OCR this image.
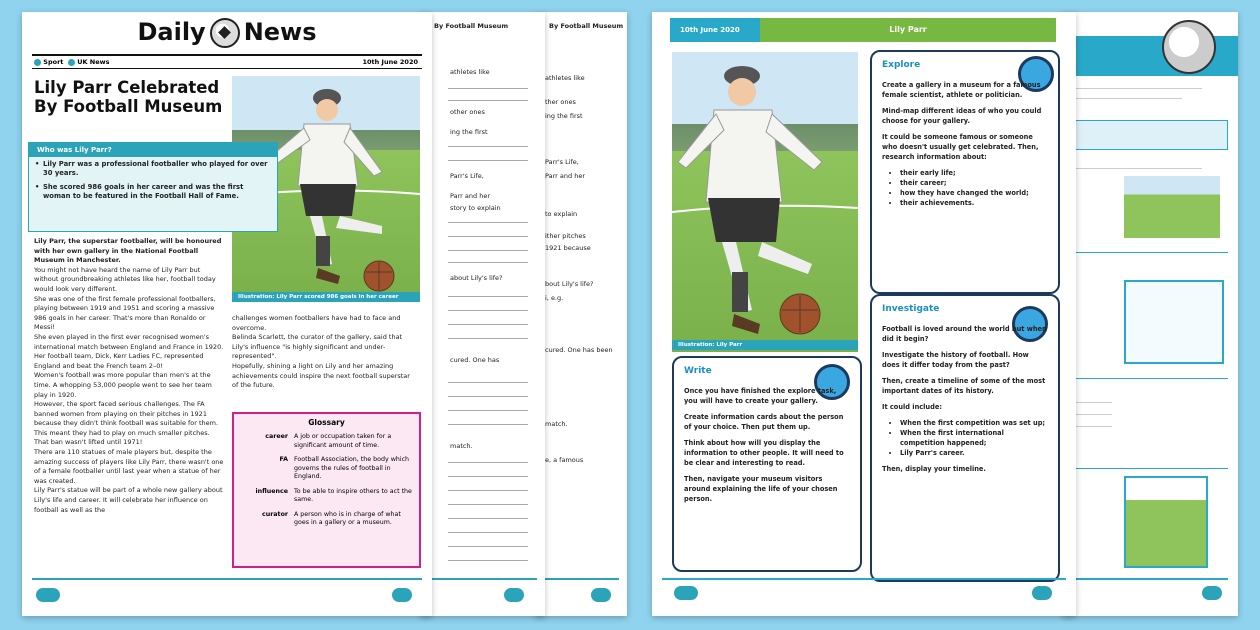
Daily News
Sport UK News	10th June 2020
Lily Parr Celebrated By Football Museum
Illustration: Lily Parr scored 986 goals in her career
Who was Lily Parr?
• Lily Parr was a professional footballer who played for over 30 years.
• She scored 986 goals in her career and was the first woman to be featured in the Football Hall of Fame.
Lily Parr, the superstar footballer, will be honoured with her own gallery in the National Football Museum in Manchester.
You might not have heard the name of Lily Parr but without groundbreaking athletes like her, football today would look very different.
She was one of the first female professional footballers, playing between 1919 and 1951 and scoring a massive 986 goals in her career. That's more than Ronaldo or Messi!
She even played in the first ever recognised women's international match between England and France in 1920. Her football team, Dick, Kerr Ladies FC, represented England and beat the French team 2–0!
Women's football was more popular than men's at the time. A whopping 53,000 people went to see her team play in 1920.
However, the sport faced serious challenges. The FA banned women from playing on their pitches in 1921 because they didn't think football was suitable for them. This meant they had to play on much smaller pitches. That ban wasn't lifted until 1971!
There are 110 statues of male players but, despite the amazing success of players like Lily Parr, there wasn't one of a female footballer until last year when a statue of her was created.
Lily Parr's statue will be part of a whole new gallery about Lily's life and career. It will celebrate her influence on football as well as the
challenges women footballers have had to face and overcome.
Belinda Scarlett, the curator of the gallery, said that Lily's influence "is highly significant and under-represented".
Hopefully, shining a light on Lily and her amazing achievements could inspire the next football superstar of the future.
Glossary
career A job or occupation taken for a significant amount of time.
FA Football Association, the body which governs the rules of football in England.
influence To be able to inspire others to act the same.
curator A person who is in charge of what goes in a gallery or a museum.
By Football Museum
athletes like
other ones
ing the first
Parr's Life,
Parr and her
story to explain
about Lily's life?
cured. One has
match.
By Football Museum
athletes like
ther ones
ing the first
Parr's Life,
Parr and her
to explain
ither pitches
1921 because
bout Lily's life?
i, e.g.
cured. One has been
match.
e, a famous
10th June 2020	Lily Parr
Illustration: Lily Parr
Explore

Create a gallery in a museum for a famous female scientist, athlete or politician.

Mind-map different ideas of who you could choose for your gallery.

It could be someone famous or someone who doesn't usually get celebrated. Then, research information about:

• their early life;
• their career;
• how they have changed the world;
• their achievements.
Investigate

Football is loved around the world but when did it begin?

Investigate the history of football. How does it differ today from the past?

Then, create a timeline of some of the most important dates of its history.

It could include:

• When the first competition was set up;
• When the first international competition happened;
• Lily Parr's career.

Then, display your timeline.

Write

Once you have finished the explore task, you will have to create your gallery.

Create information cards about the person of your choice. Then put them up.

Think about how will you display the information to other people. It will need to be clear and interesting to read.

Then, navigate your museum visitors around explaining the life of your chosen person.
